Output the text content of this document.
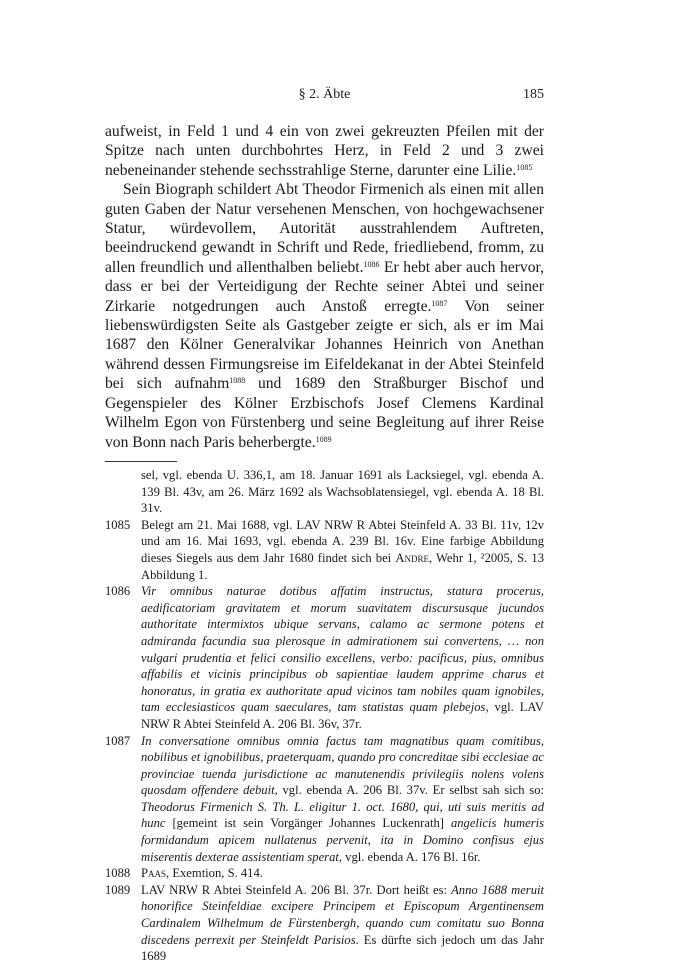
§ 2. Äbte	185

aufweist, in Feld 1 und 4 ein von zwei gekreuzten Pfeilen mit der Spitze nach unten durchbohrtes Herz, in Feld 2 und 3 zwei nebeneinander stehende sechsstrahlige Sterne, darunter eine Lilie.$^{1085}$

Sein Biograph schildert Abt Theodor Firmenich als einen mit allen guten Gaben der Natur versehenen Menschen, von hochgewachsener Statur, würdevollem, Autorität ausstrahlendem Auftreten, beeindruckend gewandt in Schrift und Rede, friedliebend, fromm, zu allen freundlich und allenthalben beliebt.$^{1086}$ Er hebt aber auch hervor, dass er bei der Verteidigung der Rechte seiner Abtei und seiner Zirkarie notgedrungen auch Anstoß erregte.$^{1087}$ Von seiner liebenswürdigsten Seite als Gastgeber zeigte er sich, als er im Mai 1687 den Kölner Generalvikar Johannes Heinrich von Anethan während dessen Firmungsreise im Eifeldekanat in der Abtei Steinfeld bei sich aufnahm$^{1088}$ und 1689 den Straßburger Bischof und Gegenspieler des Kölner Erzbischofs Josef Clemens Kardinal Wilhelm Egon von Fürstenberg und seine Begleitung auf ihrer Reise von Bonn nach Paris beherbergte.$^{1089}$

sel, vgl. ebenda U. 336,1, am 18. Januar 1691 als Lacksiegel, vgl. ebenda A. 139 Bl. 43v, am 26. März 1692 als Wachsoblatensiegel, vgl. ebenda A. 18 Bl. 31v.
1085 Belegt am 21. Mai 1688, vgl. LAV NRW R Abtei Steinfeld A. 33 Bl. 11v, 12v und am 16. Mai 1693, vgl. ebenda A. 239 Bl. 16v. Eine farbige Abbildung dieses Siegels aus dem Jahr 1680 findet sich bei Andre, Wehr 1, ²2005, S. 13 Abbildung 1.
1086 Vir omnibus naturae dotibus affatim instructus, statura procerus, aedificatoriam gravitatem et morum suavitatem discursusque jucundos authoritate intermixtos ubique servans, calamo ac sermone potens et admiranda facundia sua plerosque in admirationem sui convertens, … non vulgari prudentia et felici consilio excellens, verbo: pacificus, pius, omnibus affabilis et vicinis principibus ob sapientiae laudem apprime charus et honoratus, in gratia ex authoritate apud vicinos tam nobiles quam ignobiles, tam ecclesiasticos quam saeculares, tam statistas quam plebejos, vgl. LAV NRW R Abtei Steinfeld A. 206 Bl. 36v, 37r.
1087 In conversatione omnibus omnia factus tam magnatibus quam comitibus, nobilibus et ignobilibus, praeterquam, quando pro concreditae sibi ecclesiae ac provinciae tuenda jurisdictione ac manutenendis privilegiis nolens volens quosdam offendere debuit, vgl. ebenda A. 206 Bl. 37v. Er selbst sah sich so: Theodorus Firmenich S. Th. L. eligitur 1. oct. 1680, qui, uti suis meritis ad hunc [gemeint ist sein Vorgänger Johannes Luckenrath] angelicis humeris formidandum apicem nullatenus pervenit, ita in Domino confisus ejus miserentis dexterae assistentiam sperat, vgl. ebenda A. 176 Bl. 16r.
1088 Paas, Exemtion, S. 414.
1089 LAV NRW R Abtei Steinfeld A. 206 Bl. 37r. Dort heißt es: Anno 1688 meruit honorifice Steinfeldiae excipere Principem et Episcopum Argentinensem Cardinalem Wilhelmum de Fürstenbergh, quando cum comitatu suo Bonna discedens perrexit per Steinfeldt Parisios. Es dürfte sich jedoch um das Jahr 1689
